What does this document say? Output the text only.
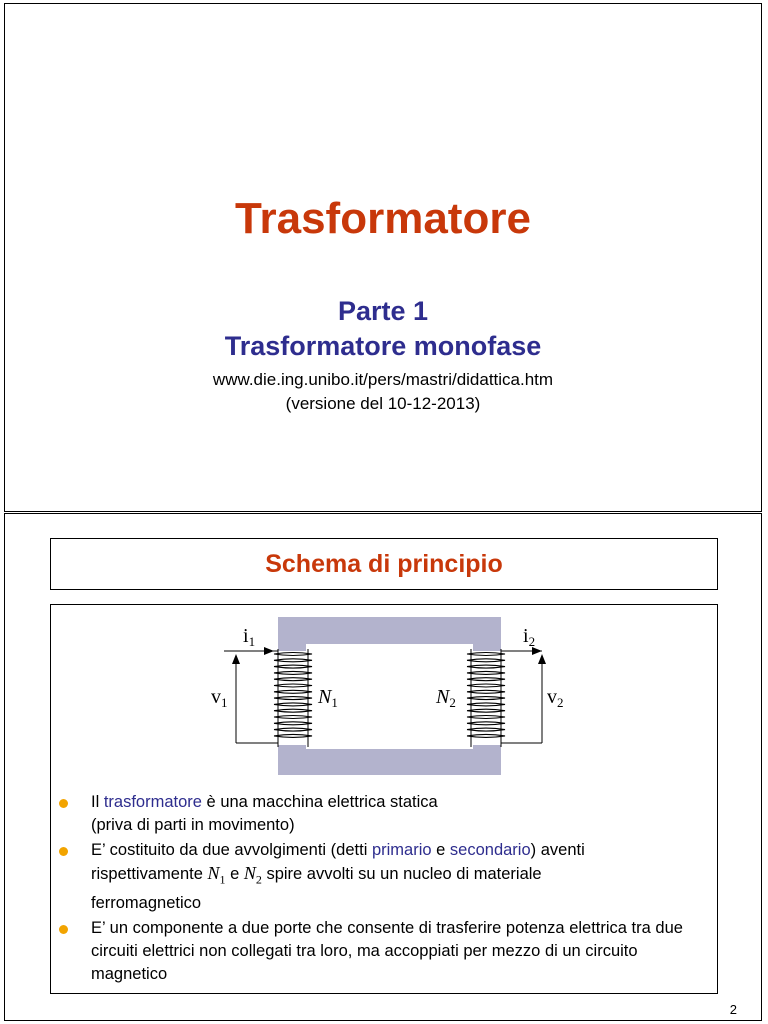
Trasformatore
Parte 1
Trasformatore monofase
www.die.ing.unibo.it/pers/mastri/didattica.htm
(versione del 10-12-2013)
Schema di principio
$i_1$	$i_2$
$v_1$	$v_2$
$N_1$	$N_2$
Il trasformatore è una macchina elettrica statica
(priva di parti in movimento)
E’ costituito da due avvolgimenti (detti primario e secondario) aventi
rispettivamente $N_1$ e $N_2$ spire avvolti su un nucleo di materiale
ferromagnetico
E’ un componente a due porte che consente di trasferire potenza elettrica tra due circuiti elettrici non collegati tra loro, ma accoppiati per mezzo di un circuito magnetico
2
